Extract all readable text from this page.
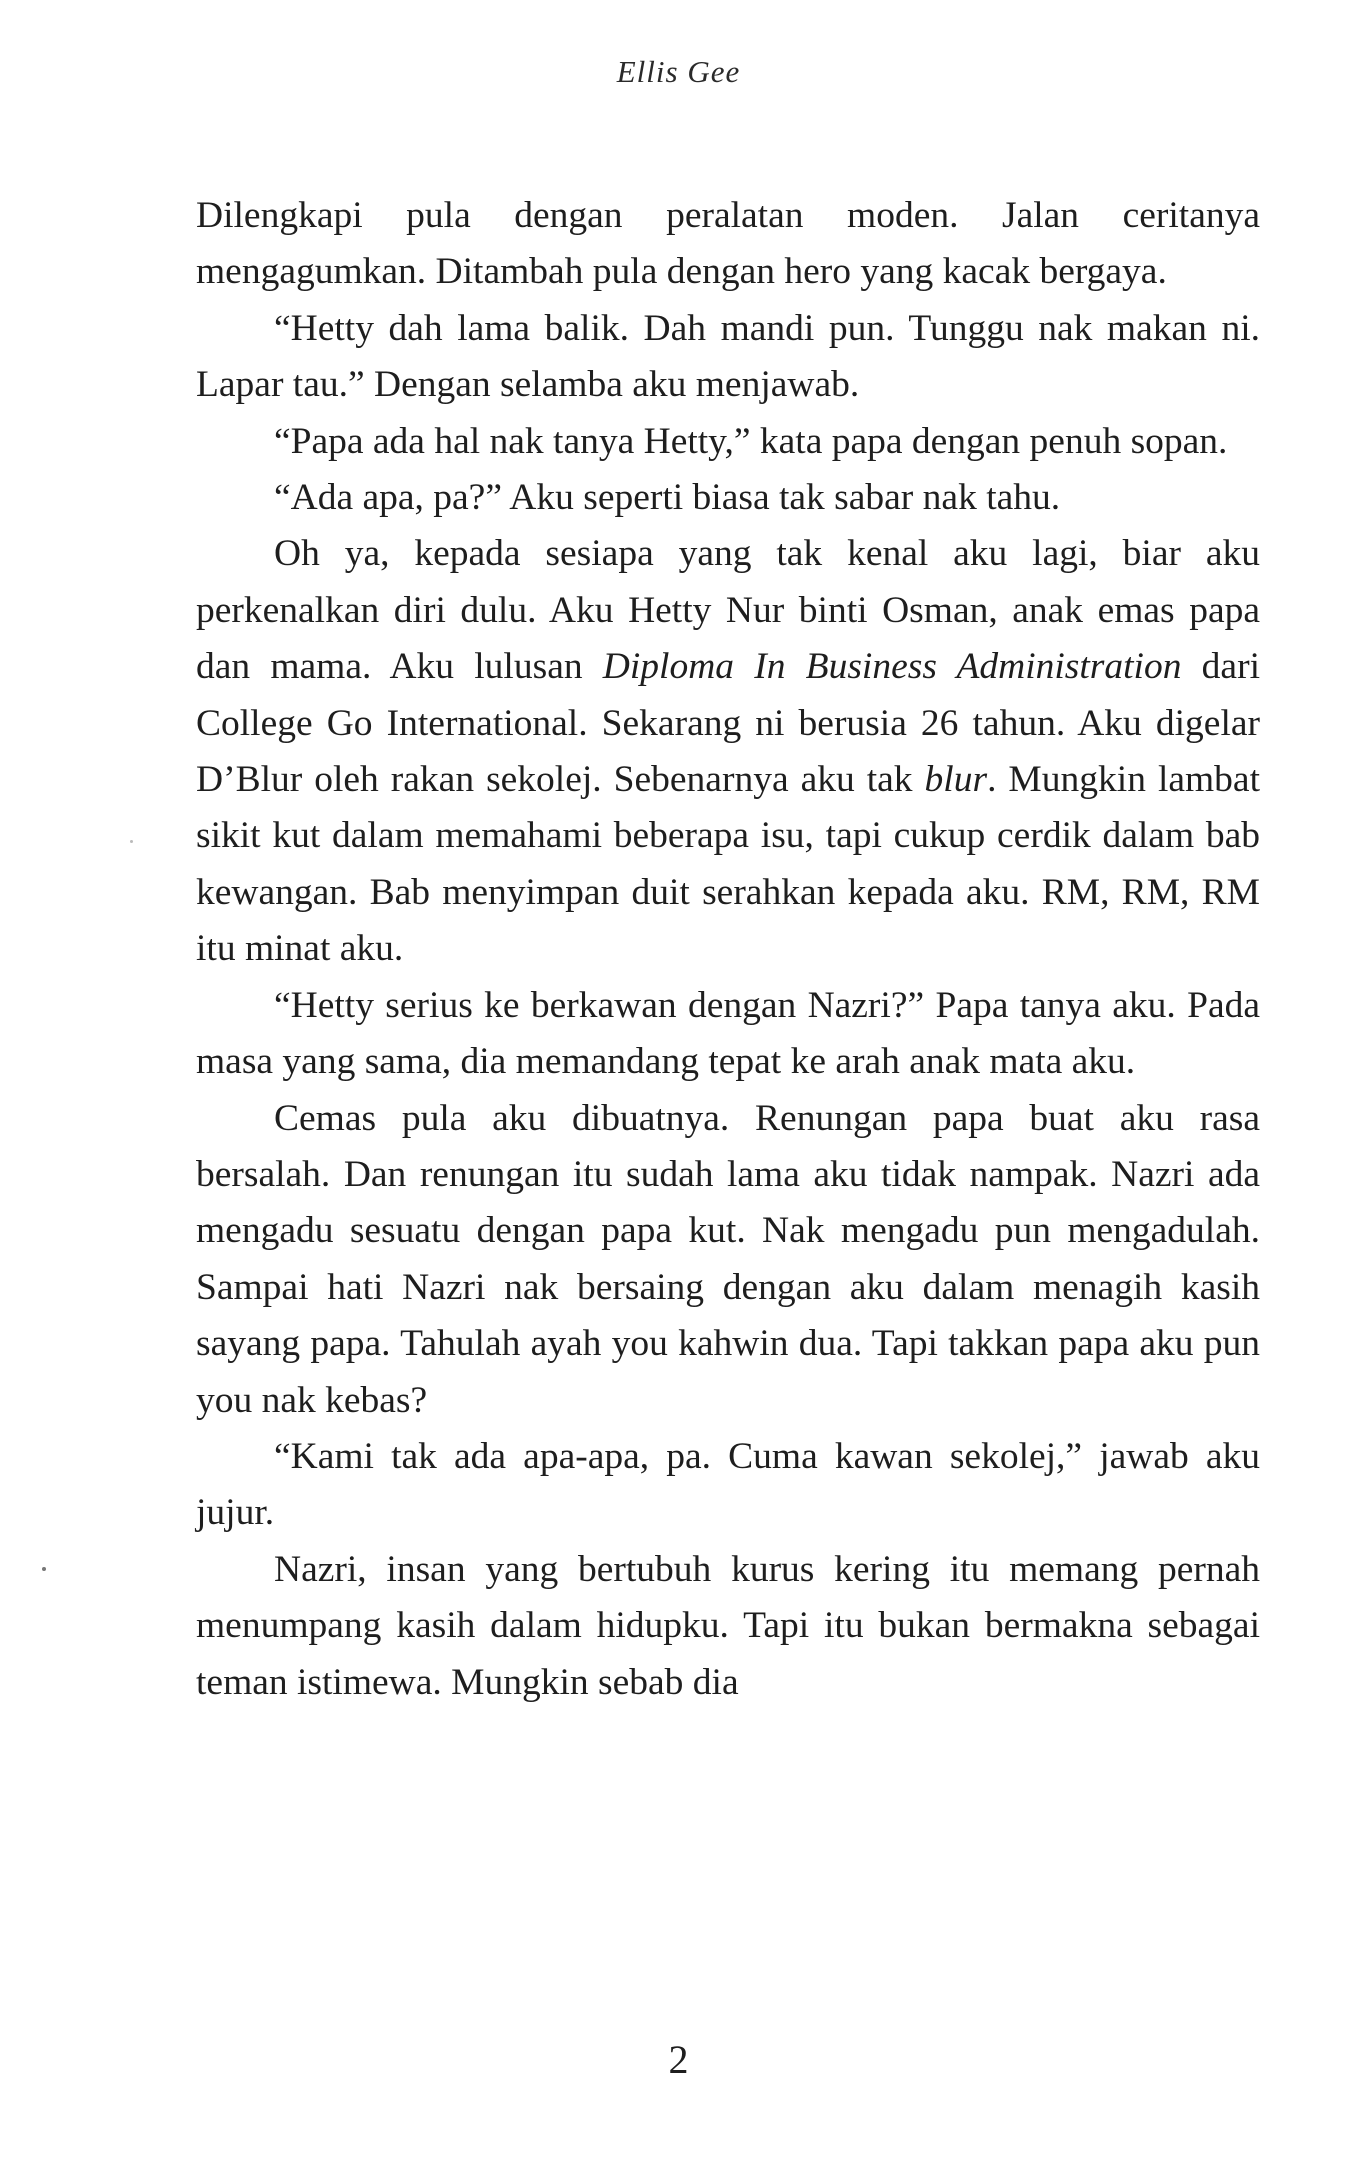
Ellis Gee

Dilengkapi pula dengan peralatan moden. Jalan ceritanya mengagumkan. Ditambah pula dengan hero yang kacak bergaya.

“Hetty dah lama balik. Dah mandi pun. Tunggu nak makan ni. Lapar tau.” Dengan selamba aku menjawab.

“Papa ada hal nak tanya Hetty,” kata papa dengan penuh sopan.

“Ada apa, pa?” Aku seperti biasa tak sabar nak tahu.

Oh ya, kepada sesiapa yang tak kenal aku lagi, biar aku perkenalkan diri dulu. Aku Hetty Nur binti Osman, anak emas papa dan mama. Aku lulusan Diploma In Business Administration dari College Go International. Sekarang ni berusia 26 tahun. Aku digelar D’Blur oleh rakan sekolej. Sebenarnya aku tak blur. Mungkin lambat sikit kut dalam memahami beberapa isu, tapi cukup cerdik dalam bab kewangan. Bab menyimpan duit serahkan kepada aku. RM, RM, RM itu minat aku.

“Hetty serius ke berkawan dengan Nazri?” Papa tanya aku. Pada masa yang sama, dia memandang tepat ke arah anak mata aku.

Cemas pula aku dibuatnya. Renungan papa buat aku rasa bersalah. Dan renungan itu sudah lama aku tidak nampak. Nazri ada mengadu sesuatu dengan papa kut. Nak mengadu pun mengadulah. Sampai hati Nazri nak bersaing dengan aku dalam menagih kasih sayang papa. Tahulah ayah you kahwin dua. Tapi takkan papa aku pun you nak kebas?

“Kami tak ada apa-apa, pa. Cuma kawan sekolej,” jawab aku jujur.

Nazri, insan yang bertubuh kurus kering itu memang pernah menumpang kasih dalam hidupku. Tapi itu bukan bermakna sebagai teman istimewa. Mungkin sebab dia

2
